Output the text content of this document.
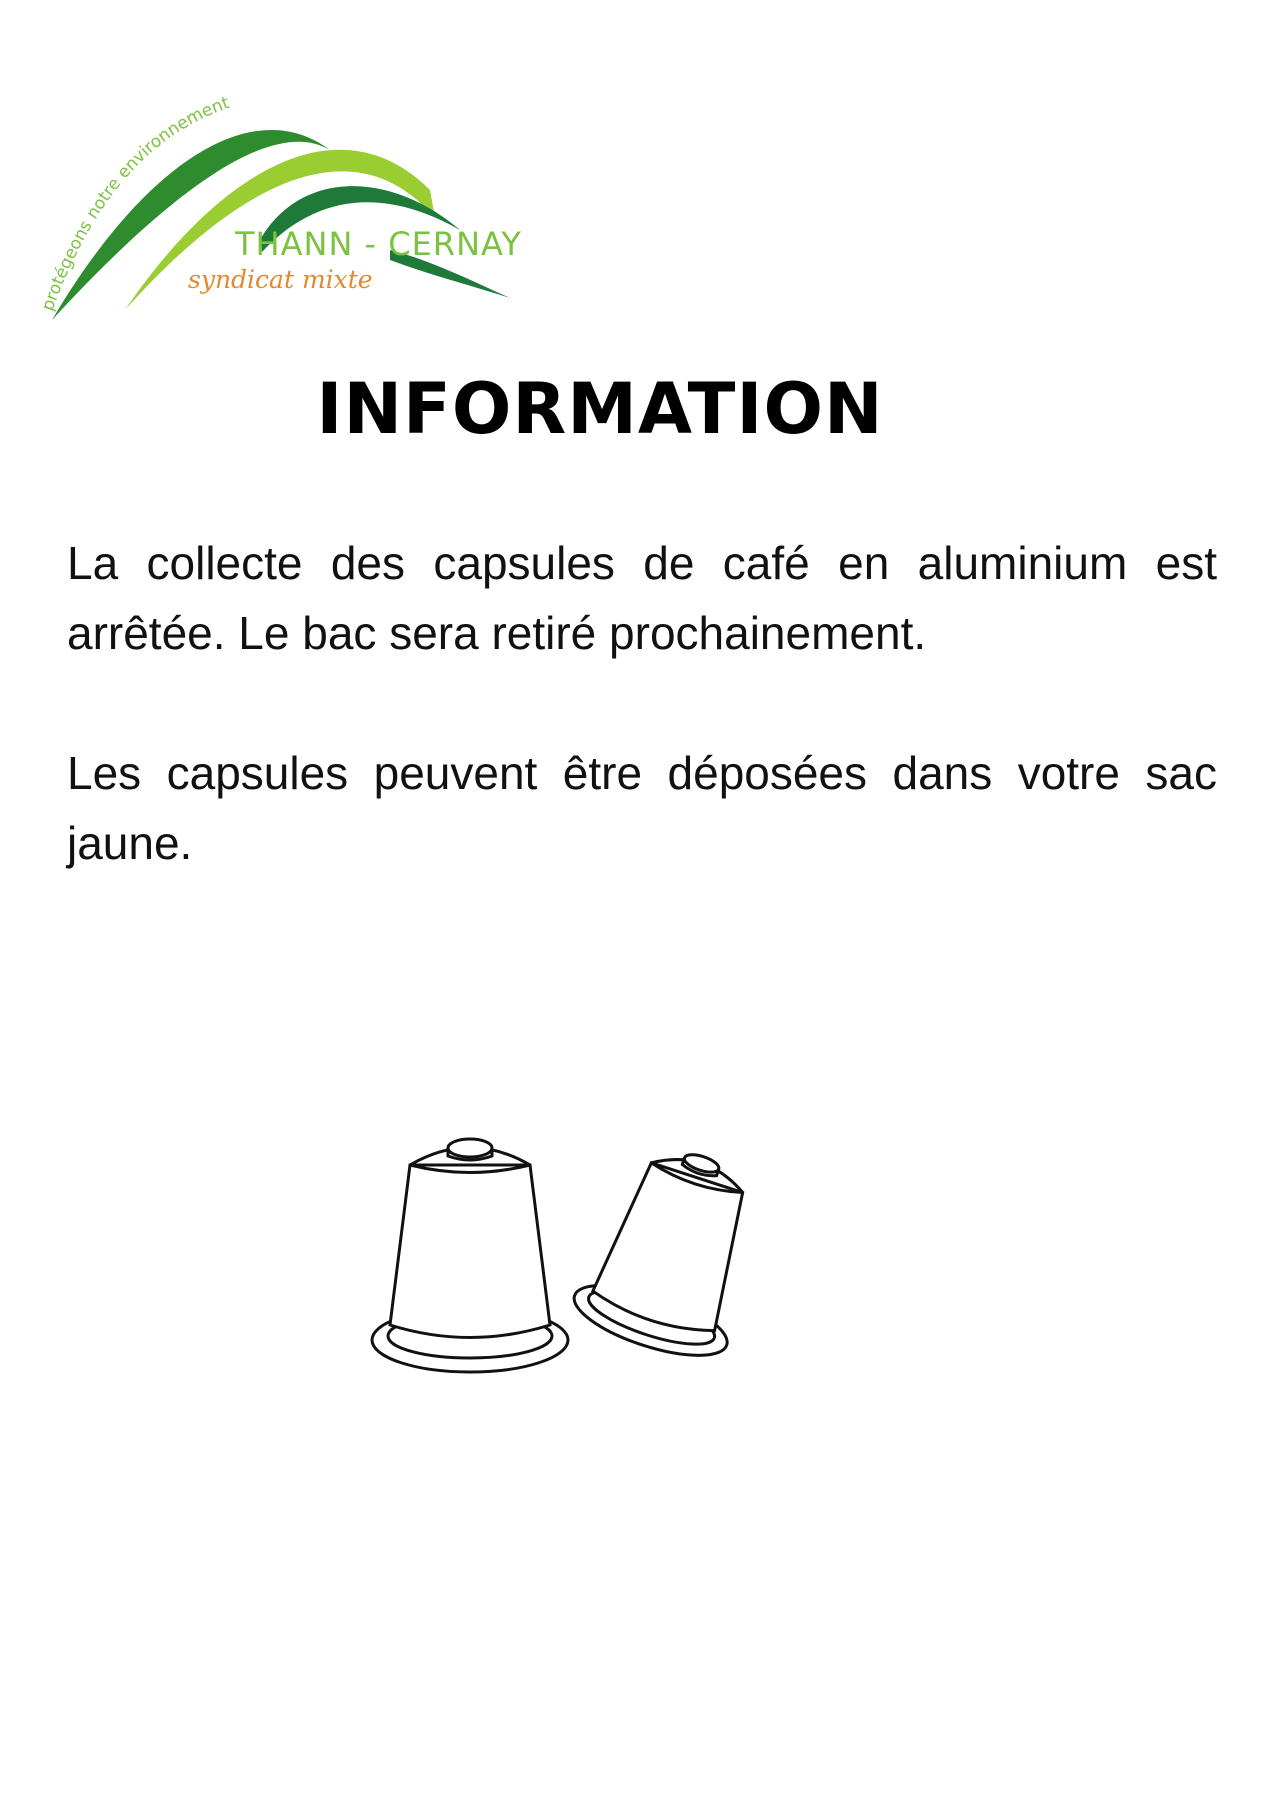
protégeons notre environnement
THANN - CERNAY
syndicat mixte
INFORMATION

La collecte des capsules de café en aluminium est arrêtée. Le bac sera retiré prochainement.

Les capsules peuvent être déposées dans votre sac jaune.
